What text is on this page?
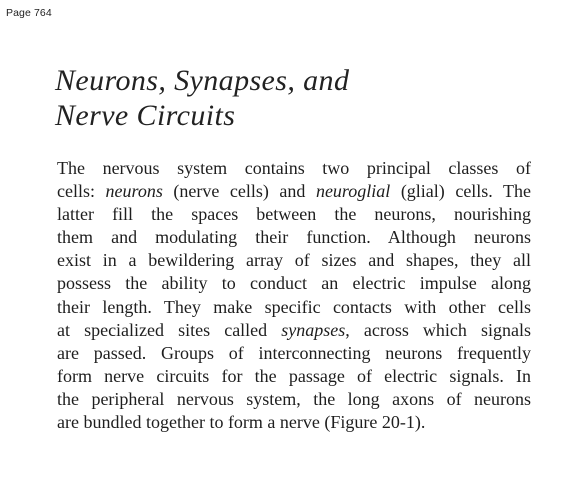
Page 764
Neurons, Synapses, and
Nerve Circuits
The nervous system contains two principal classes of
cells: neurons (nerve cells) and neuroglial (glial) cells. The
latter fill the spaces between the neurons, nourishing
them and modulating their function. Although neurons
exist in a bewildering array of sizes and shapes, they all
possess the ability to conduct an electric impulse along
their length. They make specific contacts with other cells
at specialized sites called synapses, across which signals
are passed. Groups of interconnecting neurons frequently
form nerve circuits for the passage of electric signals. In
the peripheral nervous system, the long axons of neurons
are bundled together to form a nerve (Figure 20-1).
